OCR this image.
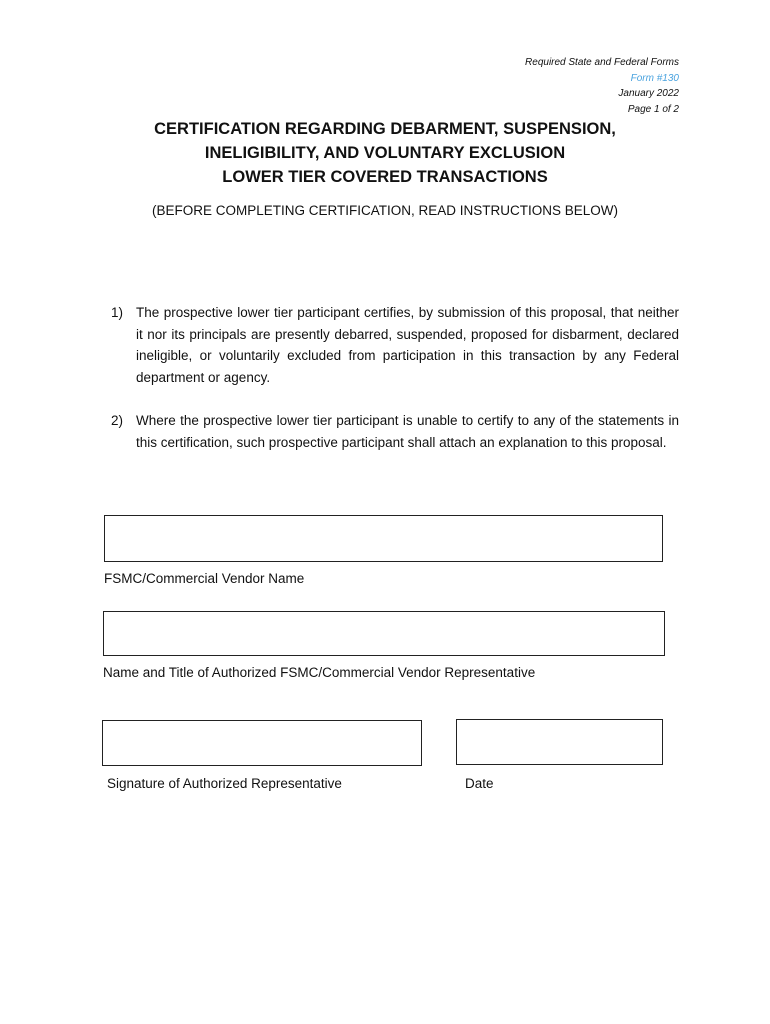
Required State and Federal Forms
Form #130
January 2022
Page 1 of 2
CERTIFICATION REGARDING DEBARMENT, SUSPENSION,
INELIGIBILITY, AND VOLUNTARY EXCLUSION
LOWER TIER COVERED TRANSACTIONS

(BEFORE COMPLETING CERTIFICATION, READ INSTRUCTIONS BELOW)

1) The prospective lower tier participant certifies, by submission of this proposal, that neither it nor its principals are presently debarred, suspended, proposed for disbarment, declared ineligible, or voluntarily excluded from participation in this transaction by any Federal department or agency.
2) Where the prospective lower tier participant is unable to certify to any of the statements in this certification, such prospective participant shall attach an explanation to this proposal.
FSMC/Commercial Vendor Name
Name and Title of Authorized FSMC/Commercial Vendor Representative
Signature of Authorized Representative	Date
